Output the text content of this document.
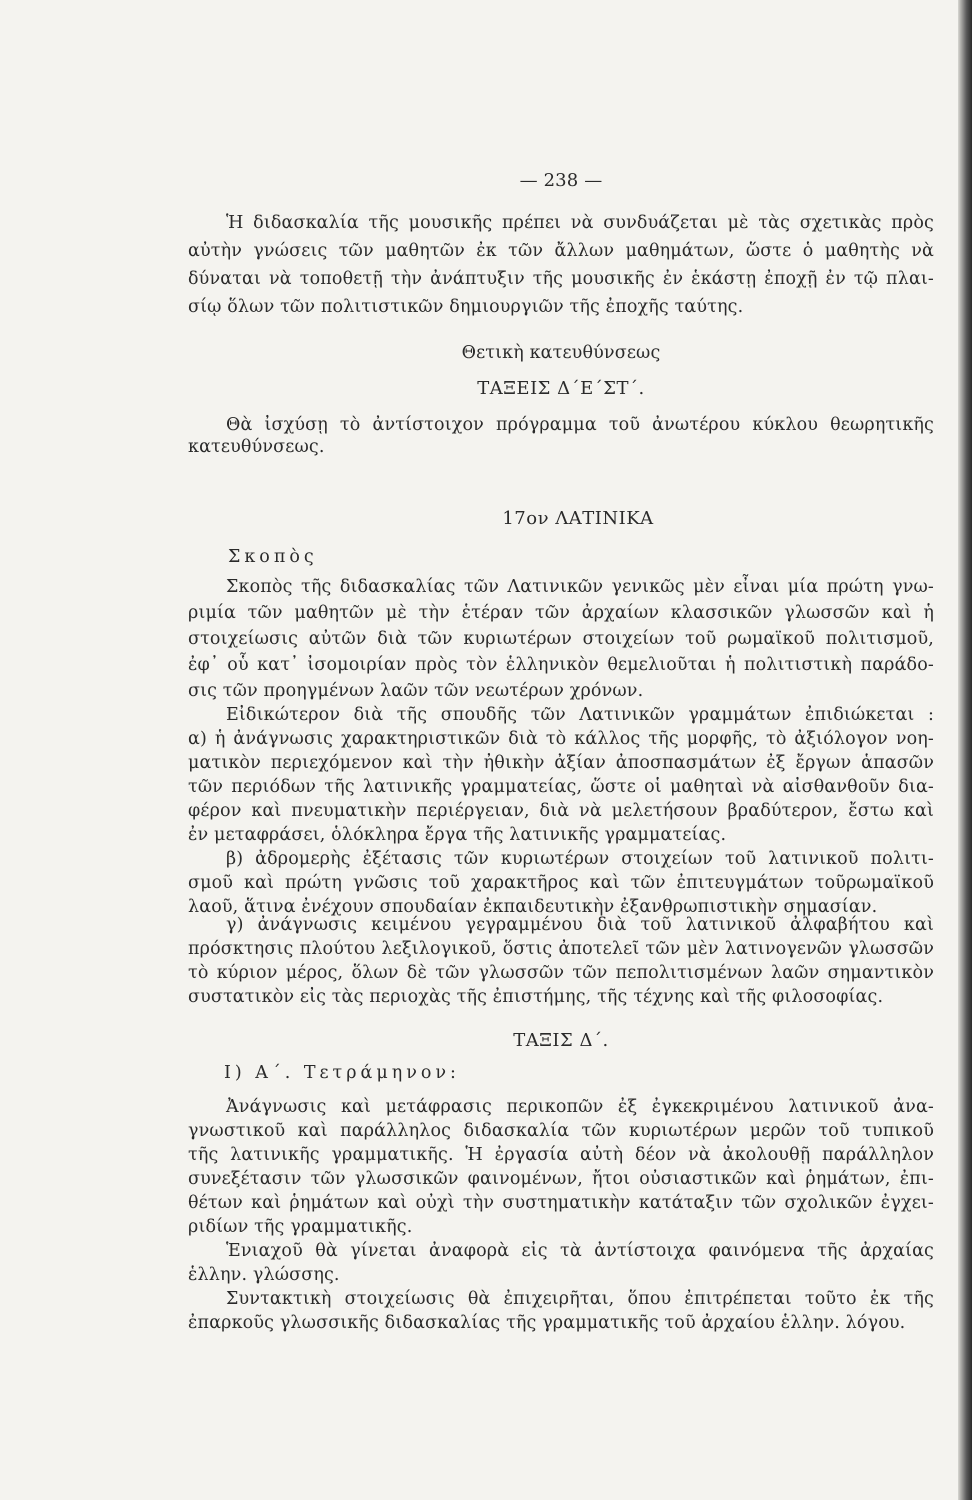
— 238 —
Ἡ διδασκαλία τῆς μουσικῆς πρέπει νὰ συνδυάζεται μὲ τὰς σχετικὰς πρὸς
αὐτὴν γνώσεις τῶν μαθητῶν ἐκ τῶν ἄλλων μαθημάτων, ὥστε ὁ μαθητὴς νὰ
δύναται νὰ τοποθετῇ τὴν ἀνάπτυξιν τῆς μουσικῆς ἐν ἑκάστῃ ἐποχῇ ἐν τῷ πλαι-
σίῳ ὅλων τῶν πολιτιστικῶν δημιουργιῶν τῆς ἐποχῆς ταύτης.
Θετικὴ κατευθύνσεως
ΤΑΞΕΙΣ Δ΄Ε΄ΣΤ΄.
Θὰ ἰσχύσῃ τὸ ἀντίστοιχον πρόγραμμα τοῦ ἀνωτέρου κύκλου θεωρητικῆς
κατευθύνσεως.
17ον ΛΑΤΙΝΙΚΑ
Σκοπὸς
Σκοπὸς τῆς διδασκαλίας τῶν Λατινικῶν γενικῶς μὲν εἶναι μία πρώτη γνω-
ριμία τῶν μαθητῶν μὲ τὴν ἑτέραν τῶν ἀρχαίων κλασσικῶν γλωσσῶν καὶ ἡ
στοιχείωσις αὐτῶν διὰ τῶν κυριωτέρων στοιχείων τοῦ ρωμαϊκοῦ πολιτισμοῦ,
ἐφ᾽ οὗ κατ᾽ ἰσομοιρίαν πρὸς τὸν ἑλληνικὸν θεμελιοῦται ἡ πολιτιστικὴ παράδο-
σις τῶν προηγμένων λαῶν τῶν νεωτέρων χρόνων.
Εἰδικώτερον διὰ τῆς σπουδῆς τῶν Λατινικῶν γραμμάτων ἐπιδιώκεται :
α) ἡ ἀνάγνωσις χαρακτηριστικῶν διὰ τὸ κάλλος τῆς μορφῆς, τὸ ἀξιόλογον νοη-
ματικὸν περιεχόμενον καὶ τὴν ἠθικὴν ἀξίαν ἀποσπασμάτων ἐξ ἔργων ἁπασῶν
τῶν περιόδων τῆς λατινικῆς γραμματείας, ὥστε οἱ μαθηταὶ νὰ αἰσθανθοῦν δια-
φέρον καὶ πνευματικὴν περιέργειαν, διὰ νὰ μελετήσουν βραδύτερον, ἔστω καὶ
ἐν μεταφράσει, ὁλόκληρα ἔργα τῆς λατινικῆς γραμματείας.
β) ἀδρομερὴς ἐξέτασις τῶν κυριωτέρων στοιχείων τοῦ λατινικοῦ πολιτι-
σμοῦ καὶ πρώτη γνῶσις τοῦ χαρακτῆρος καὶ τῶν ἐπιτευγμάτων τοῦρωμαϊκοῦ
λαοῦ, ἅτινα ἐνέχουν σπουδαίαν ἐκπαιδευτικὴν ἐξανθρωπιστικὴν σημασίαν.
γ) ἀνάγνωσις κειμένου γεγραμμένου διὰ τοῦ λατινικοῦ ἀλφαβήτου καὶ
πρόσκτησις πλούτου λεξιλογικοῦ, ὅστις ἀποτελεῖ τῶν μὲν λατινογενῶν γλωσσῶν
τὸ κύριον μέρος, ὅλων δὲ τῶν γλωσσῶν τῶν πεπολιτισμένων λαῶν σημαντικὸν
συστατικὸν εἰς τὰς περιοχὰς τῆς ἐπιστήμης, τῆς τέχνης καὶ τῆς φιλοσοφίας.
ΤΑΞΙΣ Δ΄.
Ι) Α΄. Τετράμηνον:
Ἀνάγνωσις καὶ μετάφρασις περικοπῶν ἐξ ἐγκεκριμένου λατινικοῦ ἀνα-
γνωστικοῦ καὶ παράλληλος διδασκαλία τῶν κυριωτέρων μερῶν τοῦ τυπικοῦ
τῆς λατινικῆς γραμματικῆς. Ἡ ἐργασία αὐτὴ δέον νὰ ἀκολουθῇ παράλληλον
συνεξέτασιν τῶν γλωσσικῶν φαινομένων, ἤτοι οὐσιαστικῶν καὶ ῥημάτων, ἐπι-
θέτων καὶ ῥημάτων καὶ οὐχὶ τὴν συστηματικὴν κατάταξιν τῶν σχολικῶν ἐγχει-
ριδίων τῆς γραμματικῆς.
Ἑνιαχοῦ θὰ γίνεται ἀναφορὰ εἰς τὰ ἀντίστοιχα φαινόμενα τῆς ἀρχαίας
ἑλλην. γλώσσης.
Συντακτικὴ στοιχείωσις θὰ ἐπιχειρῆται, ὅπου ἐπιτρέπεται τοῦτο ἐκ τῆς
ἐπαρκοῦς γλωσσικῆς διδασκαλίας τῆς γραμματικῆς τοῦ ἀρχαίου ἑλλην. λόγου.
